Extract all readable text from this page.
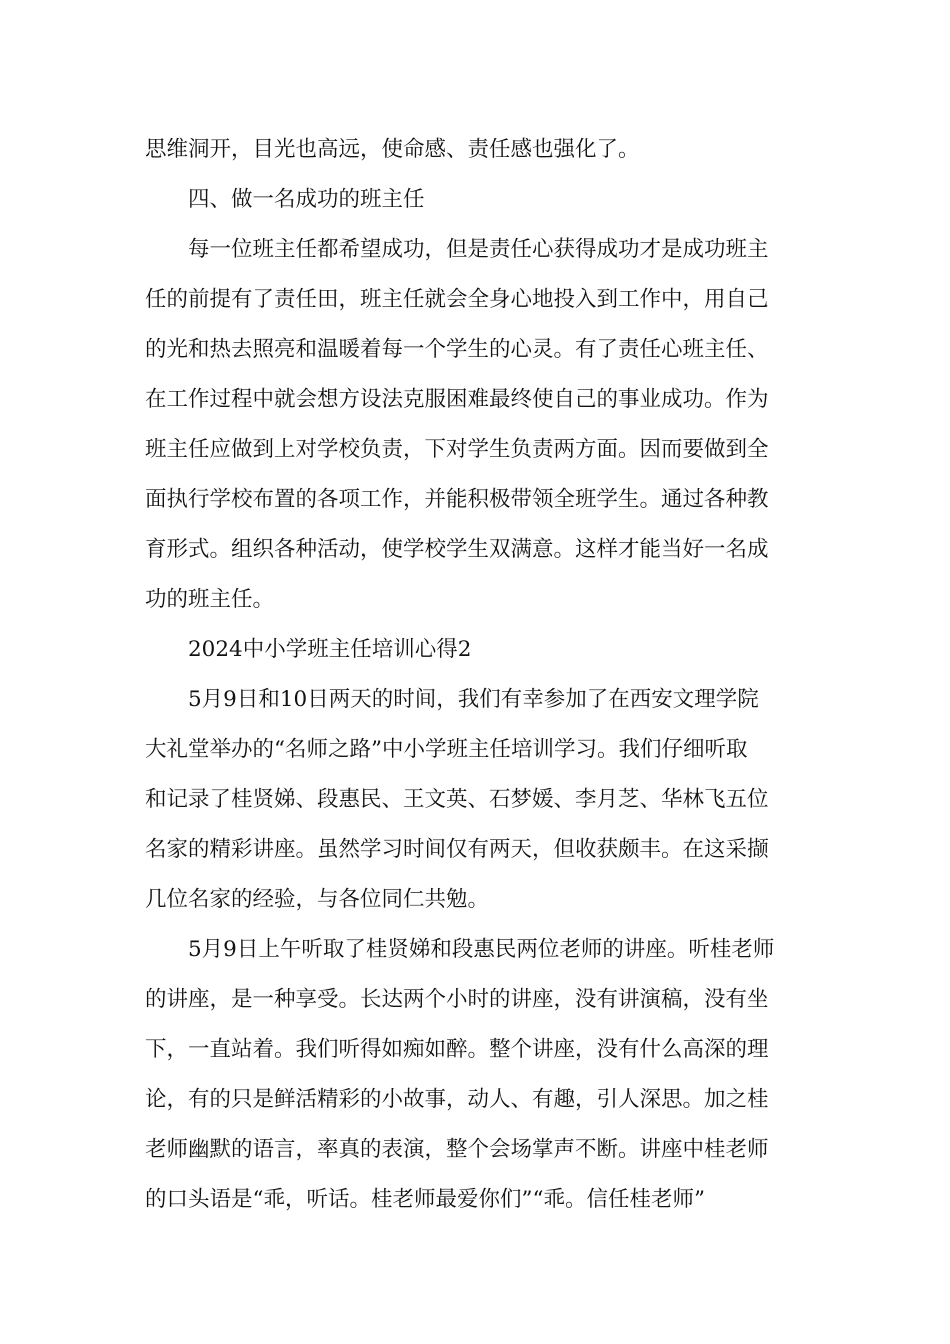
思维洞开，目光也高远，使命感、责任感也强化了。
四、做一名成功的班主任
每一位班主任都希望成功，但是责任心获得成功才是成功班主
任的前提有了责任田，班主任就会全身心地投入到工作中，用自己
的光和热去照亮和温暖着每一个学生的心灵。有了责任心班主任、
在工作过程中就会想方设法克服困难最终使自己的事业成功。作为
班主任应做到上对学校负责，下对学生负责两方面。因而要做到全
面执行学校布置的各项工作，并能积极带领全班学生。通过各种教
育形式。组织各种活动，使学校学生双满意。这样才能当好一名成
功的班主任。
2024中小学班主任培训心得2
5月9日和10日两天的时间，我们有幸参加了在西安文理学院
大礼堂举办的“名师之路”中小学班主任培训学习。我们仔细听取
和记录了桂贤娣、段惠民、王文英、石梦媛、李月芝、华林飞五位
名家的精彩讲座。虽然学习时间仅有两天，但收获颇丰。在这采撷
几位名家的经验，与各位同仁共勉。
5月9日上午听取了桂贤娣和段惠民两位老师的讲座。听桂老师
的讲座，是一种享受。长达两个小时的讲座，没有讲演稿，没有坐
下，一直站着。我们听得如痴如醉。整个讲座，没有什么高深的理
论，有的只是鲜活精彩的小故事，动人、有趣，引人深思。加之桂
老师幽默的语言，率真的表演，整个会场掌声不断。讲座中桂老师
的口头语是“乖，听话。桂老师最爱你们”“乖。信任桂老师”
